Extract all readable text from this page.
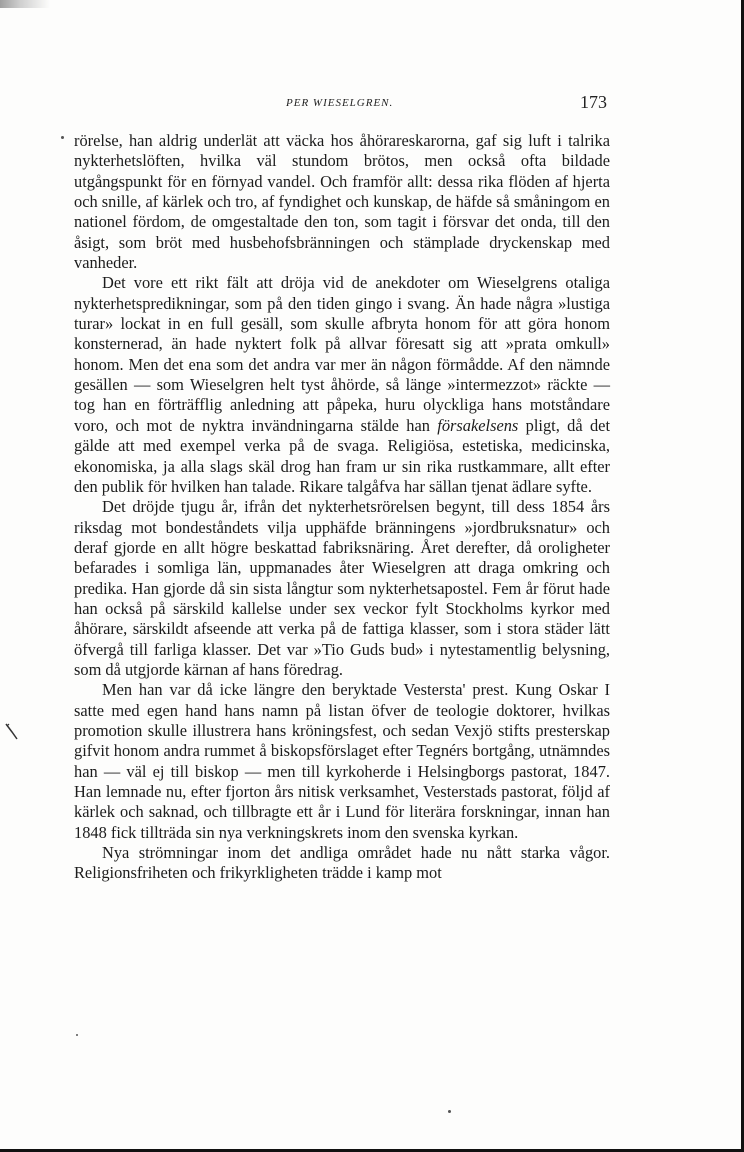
PER WIESELGREN.	173

rörelse, han aldrig underlät att väcka hos åhörareskarorna, gaf sig luft i talrika nykterhetslöften, hvilka väl stundom brötos, men också ofta bildade utgångspunkt för en förnyad vandel. Och framför allt: dessa rika flöden af hjerta och snille, af kärlek och tro, af fyndighet och kunskap, de häfde så småningom en nationel fördom, de omgestaltade den ton, som tagit i försvar det onda, till den åsigt, som bröt med husbehofsbränningen och stämplade dryckenskap med vanheder.

Det vore ett rikt fält att dröja vid de anekdoter om Wieselgrens otaliga nykterhetspredikningar, som på den tiden gingo i svang. Än hade några »lustiga turar» lockat in en full gesäll, som skulle afbryta honom för att göra honom konsternerad, än hade nyktert folk på allvar föresatt sig att »prata omkull» honom. Men det ena som det andra var mer än någon förmådde. Af den nämnde gesällen — som Wieselgren helt tyst åhörde, så länge »intermezzot» räckte — tog han en förträfflig anledning att påpeka, huru olyckliga hans motståndare voro, och mot de nyktra invändningarna stälde han försakelsens pligt, då det gälde att med exempel verka på de svaga. Religiösa, estetiska, medicinska, ekonomiska, ja alla slags skäl drog han fram ur sin rika rustkammare, allt efter den publik för hvilken han talade. Rikare talgåfva har sällan tjenat ädlare syfte.

Det dröjde tjugu år, ifrån det nykterhetsrörelsen begynt, till dess 1854 års riksdag mot bondeståndets vilja upphäfde bränningens »jordbruksnatur» och deraf gjorde en allt högre beskattad fabriksnäring. Året derefter, då oroligheter befarades i somliga län, uppmanades åter Wieselgren att draga omkring och predika. Han gjorde då sin sista långtur som nykterhetsapostel. Fem år förut hade han också på särskild kallelse under sex veckor fylt Stockholms kyrkor med åhörare, särskildt afseende att verka på de fattiga klasser, som i stora städer lätt öfvergå till farliga klasser. Det var »Tio Guds bud» i nytestamentlig belysning, som då utgjorde kärnan af hans föredrag.

Men han var då icke längre den beryktade Vestersta' prest. Kung Oskar I satte med egen hand hans namn på listan öfver de teologie doktorer, hvilkas promotion skulle illustrera hans kröningsfest, och sedan Vexjö stifts presterskap gifvit honom andra rummet å biskopsförslaget efter Tegnérs bortgång, utnämndes han — väl ej till biskop — men till kyrkoherde i Helsingborgs pastorat, 1847. Han lemnade nu, efter fjorton års nitisk verksamhet, Vesterstads pastorat, följd af kärlek och saknad, och tillbragte ett år i Lund för literära forskningar, innan han 1848 fick tillträda sin nya verkningskrets inom den svenska kyrkan.

Nya strömningar inom det andliga området hade nu nått starka vågor. Religionsfriheten och frikyrkligheten trädde i kamp mot
